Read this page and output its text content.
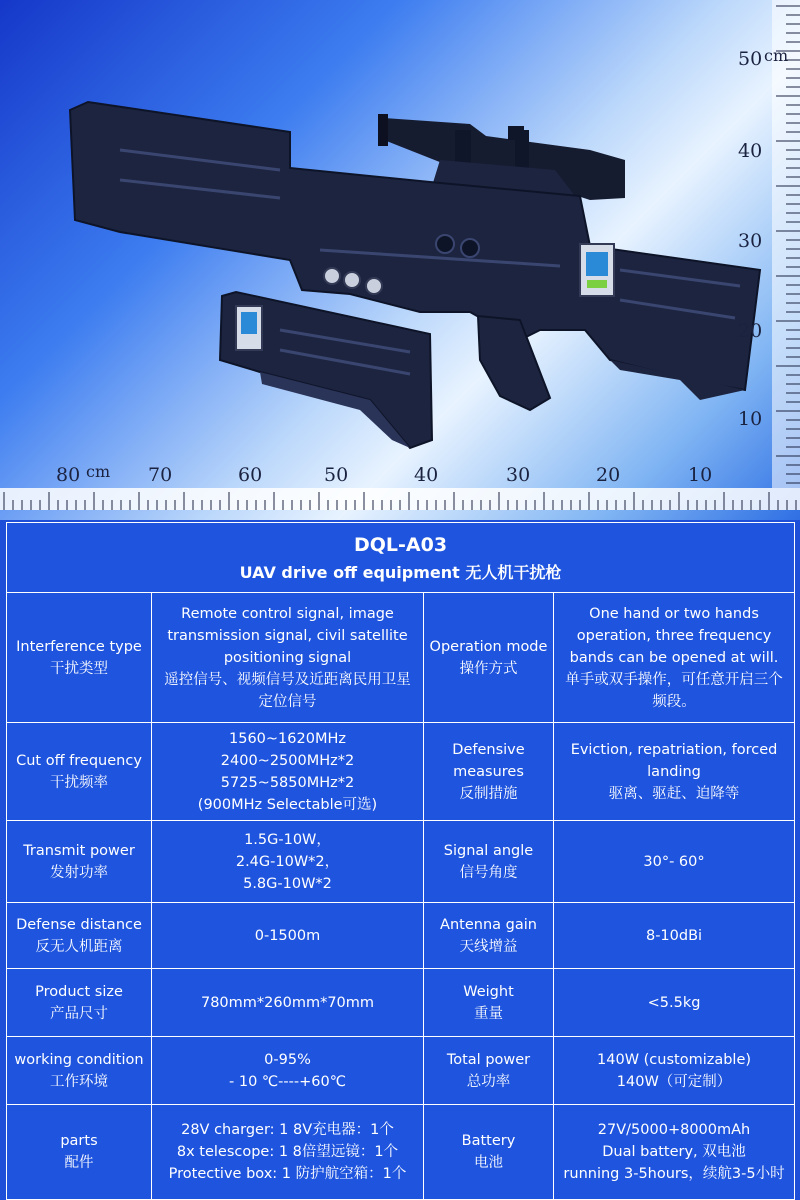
80	70	60	50	40	30	20	10
cm
50
40
30
20
10
cm
DQL-A03
UAV drive off equipment 无人机干扰枪			

Interference type
干扰类型	Remote control signal, image
transmission signal, civil satellite
positioning signal
遥控信号、视频信号及近距离民用卫星
定位信号	Operation mode
操作方式	One hand or two hands
operation, three frequency
bands can be opened at will.
单手或双手操作，可任意开启三个
频段。

Cut off frequency
干扰频率	1560~1620MHz
2400~2500MHz*2
5725~5850MHz*2
(900MHz Selectable可选)	Defensive
measures
反制措施	Eviction, repatriation, forced
landing
驱离、驱赶、迫降等

Transmit power
发射功率	1.5G-10W，
2.4G-10W*2，
5.8G-10W*2	Signal angle
信号角度	30°- 60°

Defense distance
反无人机距离	0-1500m	Antenna gain
天线增益	8-10dBi

Product size
产品尺寸	780mm*260mm*70mm	Weight
重量	<5.5kg

working condition
工作环境	0-95%
- 10 ℃----+60℃	Total power
总功率	140W (customizable)
140W（可定制）

parts
配件	28V charger: 1 8V充电器：1个
8x telescope: 1 8倍望远镜：1个
Protective box: 1 防护航空箱：1个	Battery
电池	27V/5000+8000mAh
Dual battery, 双电池
running 3-5hours，续航3-5小时
